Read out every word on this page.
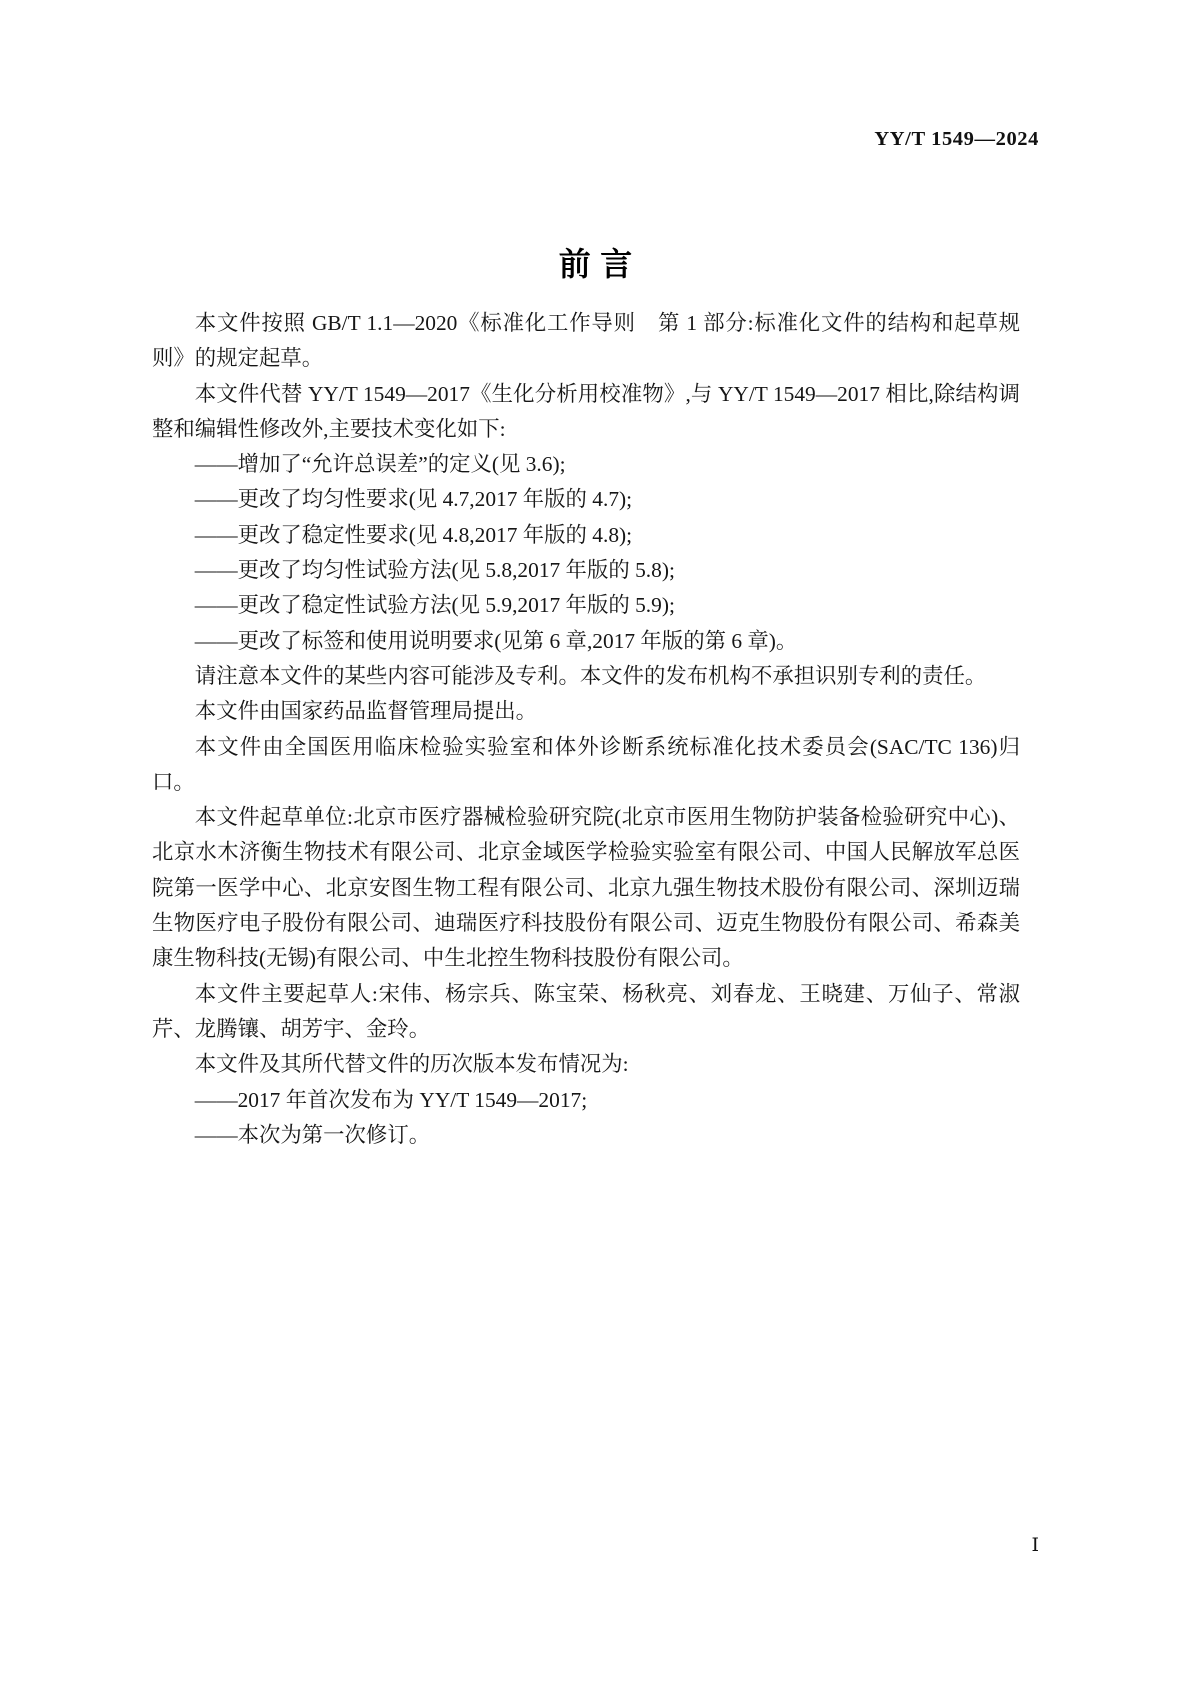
YY/T 1549—2024
前言

本文件按照 GB/T 1.1—2020《标准化工作导则　第 1 部分:标准化文件的结构和起草规则》的规定起草。

本文件代替 YY/T 1549—2017《生化分析用校准物》,与 YY/T 1549—2017 相比,除结构调整和编辑性修改外,主要技术变化如下:

——增加了“允许总误差”的定义(见 3.6);
——更改了均匀性要求(见 4.7,2017 年版的 4.7);
——更改了稳定性要求(见 4.8,2017 年版的 4.8);
——更改了均匀性试验方法(见 5.8,2017 年版的 5.8);
——更改了稳定性试验方法(见 5.9,2017 年版的 5.9);
——更改了标签和使用说明要求(见第 6 章,2017 年版的第 6 章)。

请注意本文件的某些内容可能涉及专利。本文件的发布机构不承担识别专利的责任。

本文件由国家药品监督管理局提出。

本文件由全国医用临床检验实验室和体外诊断系统标准化技术委员会(SAC/TC 136)归口。

本文件起草单位:北京市医疗器械检验研究院(北京市医用生物防护装备检验研究中心)、北京水木济衡生物技术有限公司、北京金域医学检验实验室有限公司、中国人民解放军总医院第一医学中心、北京安图生物工程有限公司、北京九强生物技术股份有限公司、深圳迈瑞生物医疗电子股份有限公司、迪瑞医疗科技股份有限公司、迈克生物股份有限公司、希森美康生物科技(无锡)有限公司、中生北控生物科技股份有限公司。

本文件主要起草人:宋伟、杨宗兵、陈宝荣、杨秋亮、刘春龙、王晓建、万仙子、常淑芹、龙腾镶、胡芳宇、金玲。

本文件及其所代替文件的历次版本发布情况为:

——2017 年首次发布为 YY/T 1549—2017;
——本次为第一次修订。
Ⅰ
